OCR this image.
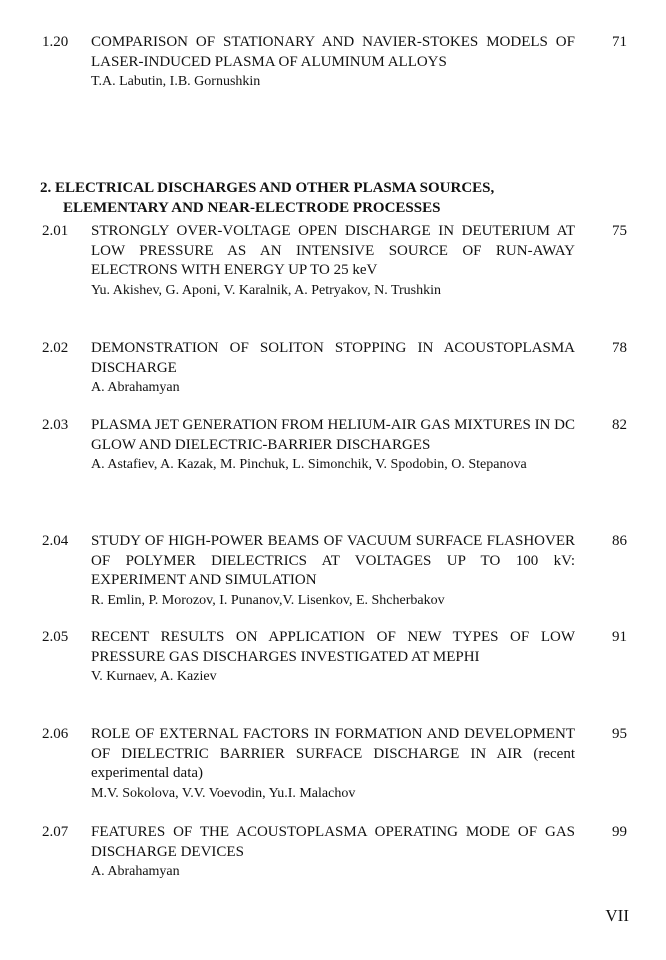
1.20 COMPARISON OF STATIONARY AND NAVIER-STOKES MODELS OF LASER-INDUCED PLASMA OF ALUMINUM ALLOYS
T.A. Labutin, I.B. Gornushkin
71
2. ELECTRICAL DISCHARGES AND OTHER PLASMA SOURCES,
ELEMENTARY AND NEAR-ELECTRODE PROCESSES
2.01 STRONGLY OVER-VOLTAGE OPEN DISCHARGE IN DEUTERIUM AT LOW PRESSURE AS AN INTENSIVE SOURCE OF RUN-AWAY ELECTRONS WITH ENERGY UP TO 25 keV
Yu. Akishev, G. Aponi, V. Karalnik, A. Petryakov, N. Trushkin
75
2.02 DEMONSTRATION OF SOLITON STOPPING IN ACOUSTOPLASMA DISCHARGE
A. Abrahamyan
78
2.03 PLASMA JET GENERATION FROM HELIUM-AIR GAS MIXTURES IN DC GLOW AND DIELECTRIC-BARRIER DISCHARGES
A. Astafiev, A. Kazak, M. Pinchuk, L. Simonchik, V. Spodobin, O. Stepanova
82
2.04 STUDY OF HIGH-POWER BEAMS OF VACUUM SURFACE FLASHOVER OF POLYMER DIELECTRICS AT VOLTAGES UP TO 100 kV: EXPERIMENT AND SIMULATION
R. Emlin, P. Morozov, I. Punanov,V. Lisenkov, E. Shcherbakov
86
2.05 RECENT RESULTS ON APPLICATION OF NEW TYPES OF LOW PRESSURE GAS DISCHARGES INVESTIGATED AT MEPHI
V. Kurnaev, A. Kaziev
91
2.06 ROLE OF EXTERNAL FACTORS IN FORMATION AND DEVELOPMENT OF DIELECTRIC BARRIER SURFACE DISCHARGE IN AIR (recent experimental data)
M.V. Sokolova, V.V. Voevodin, Yu.I. Malachov
95
2.07 FEATURES OF THE ACOUSTOPLASMA OPERATING MODE OF GAS DISCHARGE DEVICES
A. Abrahamyan
99
VII
